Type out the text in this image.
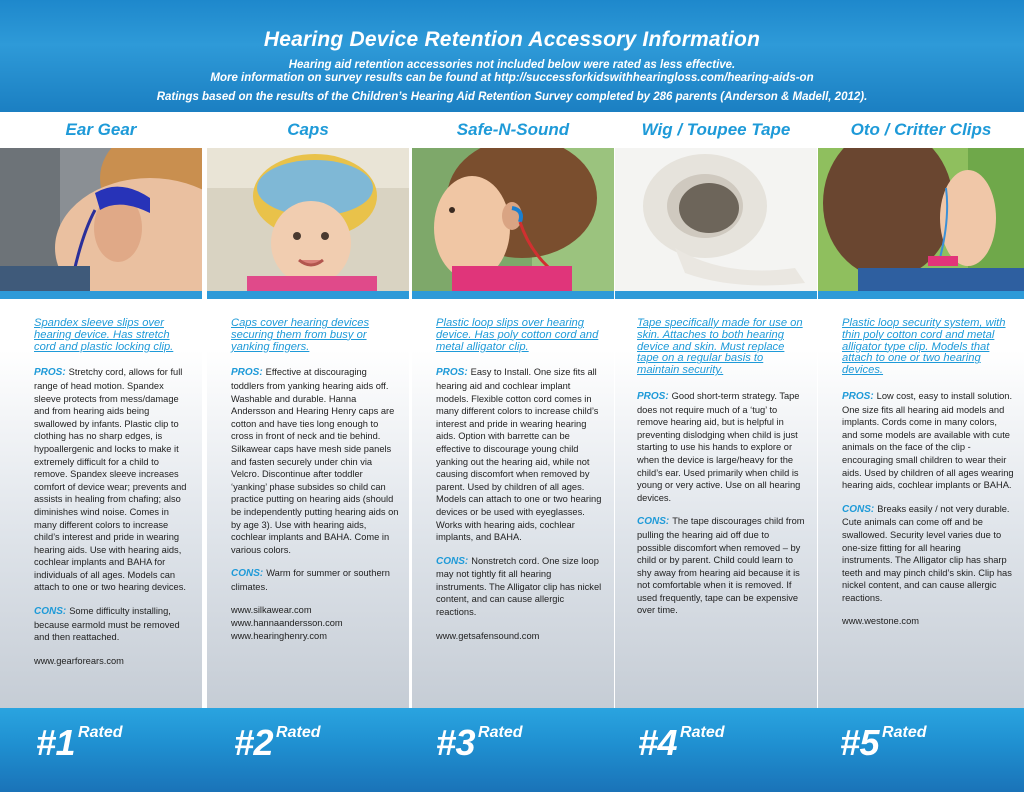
Hearing Device Retention Accessory Information
Hearing aid retention accessories not included below were rated as less effective.
More information on survey results can be found at http://successforkidswithhearingloss.com/hearing-aids-on
Ratings based on the results of the Children’s Hearing Aid Retention Survey completed by 286 parents (Anderson & Madell, 2012).
Ear Gear
Spandex sleeve slips over hearing device. Has stretch cord and plastic locking clip.
PROS: Stretchy cord, allows for full range of head motion. Spandex sleeve protects from mess/damage and from hearing aids being swallowed by infants. Plastic clip to clothing has no sharp edges, is hypoallergenic and locks to make it extremely difficult for a child to remove. Spandex sleeve increases comfort of device wear; prevents and assists in healing from chafing; also diminishes wind noise. Comes in many different colors to increase child’s interest and pride in wearing hearing aids. Use with hearing aids, cochlear implants and BAHA for individuals of all ages. Models can attach to one or two hearing devices.
CONS: Some difficulty installing, because earmold must be removed and then reattached.
www.gearforears.com
Caps
Caps cover hearing devices securing them from busy or yanking fingers.
PROS: Effective at discouraging toddlers from yanking hearing aids off. Washable and durable. Hanna Andersson and Hearing Henry caps are cotton and have ties long enough to cross in front of neck and tie behind. Silkawear caps have mesh side panels and fasten securely under chin via Velcro. Discontinue after toddler ‘yanking’ phase subsides so child can practice putting on hearing aids (should be independently putting hearing aids on by age 3). Use with hearing aids, cochlear implants and BAHA. Come in various colors.
CONS: Warm for summer or southern climates.
www.silkawear.com
www.hannaandersson.com
www.hearinghenry.com
Safe-N-Sound
Plastic loop slips over hearing device. Has poly cotton cord and metal alligator clip.
PROS: Easy to Install. One size fits all hearing aid and cochlear implant models. Flexible cotton cord comes in many different colors to increase child’s interest and pride in wearing hearing aids. Option with barrette can be effective to discourage young child yanking out the hearing aid, while not causing discomfort when removed by parent. Used by children of all ages. Models can attach to one or two hearing devices or be used with eyeglasses. Works with hearing aids, cochlear implants, and BAHA.
CONS: Nonstretch cord. One size loop may not tightly fit all hearing instruments. The Alligator clip has nickel content, and can cause allergic reactions.
www.getsafensound.com
Wig / Toupee Tape
Tape specifically made for use on skin. Attaches to both hearing device and skin. Must replace tape on a regular basis to maintain security.
PROS: Good short-term strategy. Tape does not require much of a ‘tug’ to remove hearing aid, but is helpful in preventing dislodging when child is just starting to use his hands to explore or when the device is large/heavy for the child’s ear. Used primarily when child is young or very active. Use on all hearing devices.
CONS: The tape discourages child from pulling the hearing aid off due to possible discomfort when removed – by child or by parent. Child could learn to shy away from hearing aid because it is not comfortable when it is removed. If used frequently, tape can be expensive over time.
Oto / Critter Clips
Plastic loop security system, with thin poly cotton cord and metal alligator type clip. Models that attach to one or two hearing devices.
PROS: Low cost, easy to install solution. One size fits all hearing aid models and implants. Cords come in many colors, and some models are available with cute animals on the face of the clip - encouraging small children to wear their aids. Used by children of all ages wearing hearing aids, cochlear implants or BAHA.
CONS: Breaks easily / not very durable. Cute animals can come off and be swallowed. Security level varies due to one-size fitting for all hearing instruments. The Alligator clip has sharp teeth and may pinch child’s skin. Clip has nickel content, and can cause allergic reactions.
www.westone.com
#1 Rated	#2 Rated	#3 Rated	#4 Rated	#5 Rated
